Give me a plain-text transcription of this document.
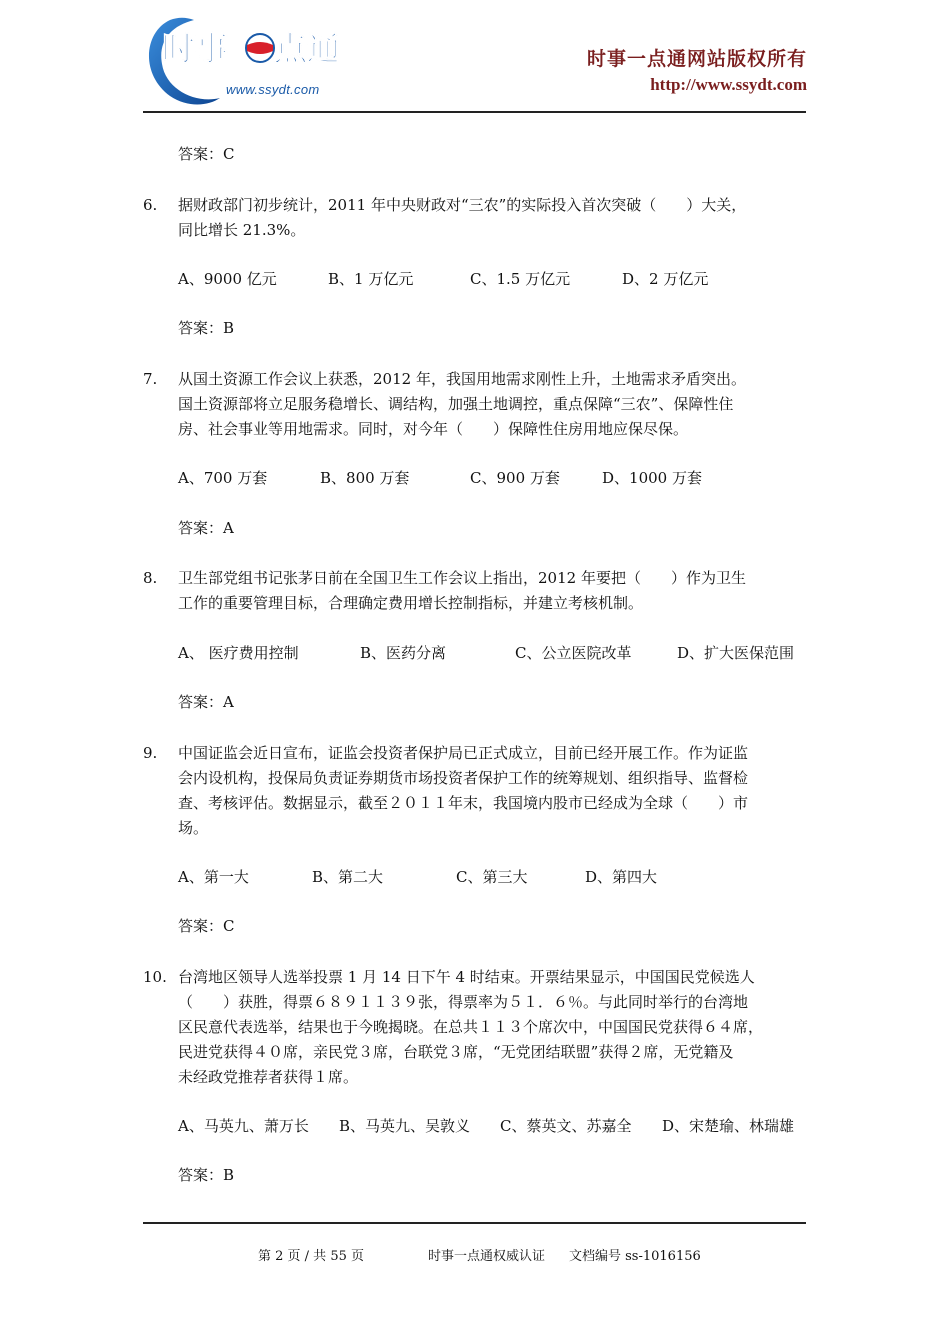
时事 点通
www.ssydt.com
时事一点通网站版权所有
http://www.ssydt.com
答案：C
6. 据财政部门初步统计，2011 年中央财政对“三农”的实际投入首次突破（　　）大关，
同比增长 21.3%。
A、9000 亿元	B、1 万亿元	C、1.5 万亿元	D、2 万亿元
答案：B
7. 从国土资源工作会议上获悉，2012 年，我国用地需求刚性上升，土地需求矛盾突出。
国土资源部将立足服务稳增长、调结构，加强土地调控，重点保障“三农”、保障性住
房、社会事业等用地需求。同时，对今年（　　）保障性住房用地应保尽保。
A、700 万套	B、800 万套	C、900 万套	D、1000 万套
答案：A
8. 卫生部党组书记张茅日前在全国卫生工作会议上指出，2012 年要把（　　）作为卫生
工作的重要管理目标，合理确定费用增长控制指标，并建立考核机制。
A、 医疗费用控制	B、医药分离	C、公立医院改革	D、扩大医保范围
答案：A
9. 中国证监会近日宣布，证监会投资者保护局已正式成立，目前已经开展工作。作为证监
会内设机构，投保局负责证券期货市场投资者保护工作的统筹规划、组织指导、监督检
查、考核评估。数据显示，截至２０１１年末，我国境内股市已经成为全球（　　）市
场。
A、第一大	B、第二大	C、第三大	D、第四大
答案：C
10. 台湾地区领导人选举投票 1 月 14 日下午 4 时结束。开票结果显示，中国国民党候选人
（　　）获胜，得票６８９１１３９张，得票率为５１．６％。与此同时举行的台湾地
区民意代表选举，结果也于今晚揭晓。在总共１１３个席次中，中国国民党获得６４席，
民进党获得４０席，亲民党３席，台联党３席，“无党团结联盟”获得２席，无党籍及
未经政党推荐者获得１席。
A、马英九、萧万长 B、马英九、吴敦义 C、蔡英文、苏嘉全 D、宋楚瑜、林瑞雄
答案：B
第 2 页 / 共 55 页	时事一点通权威认证 文档编号 ss-1016156
